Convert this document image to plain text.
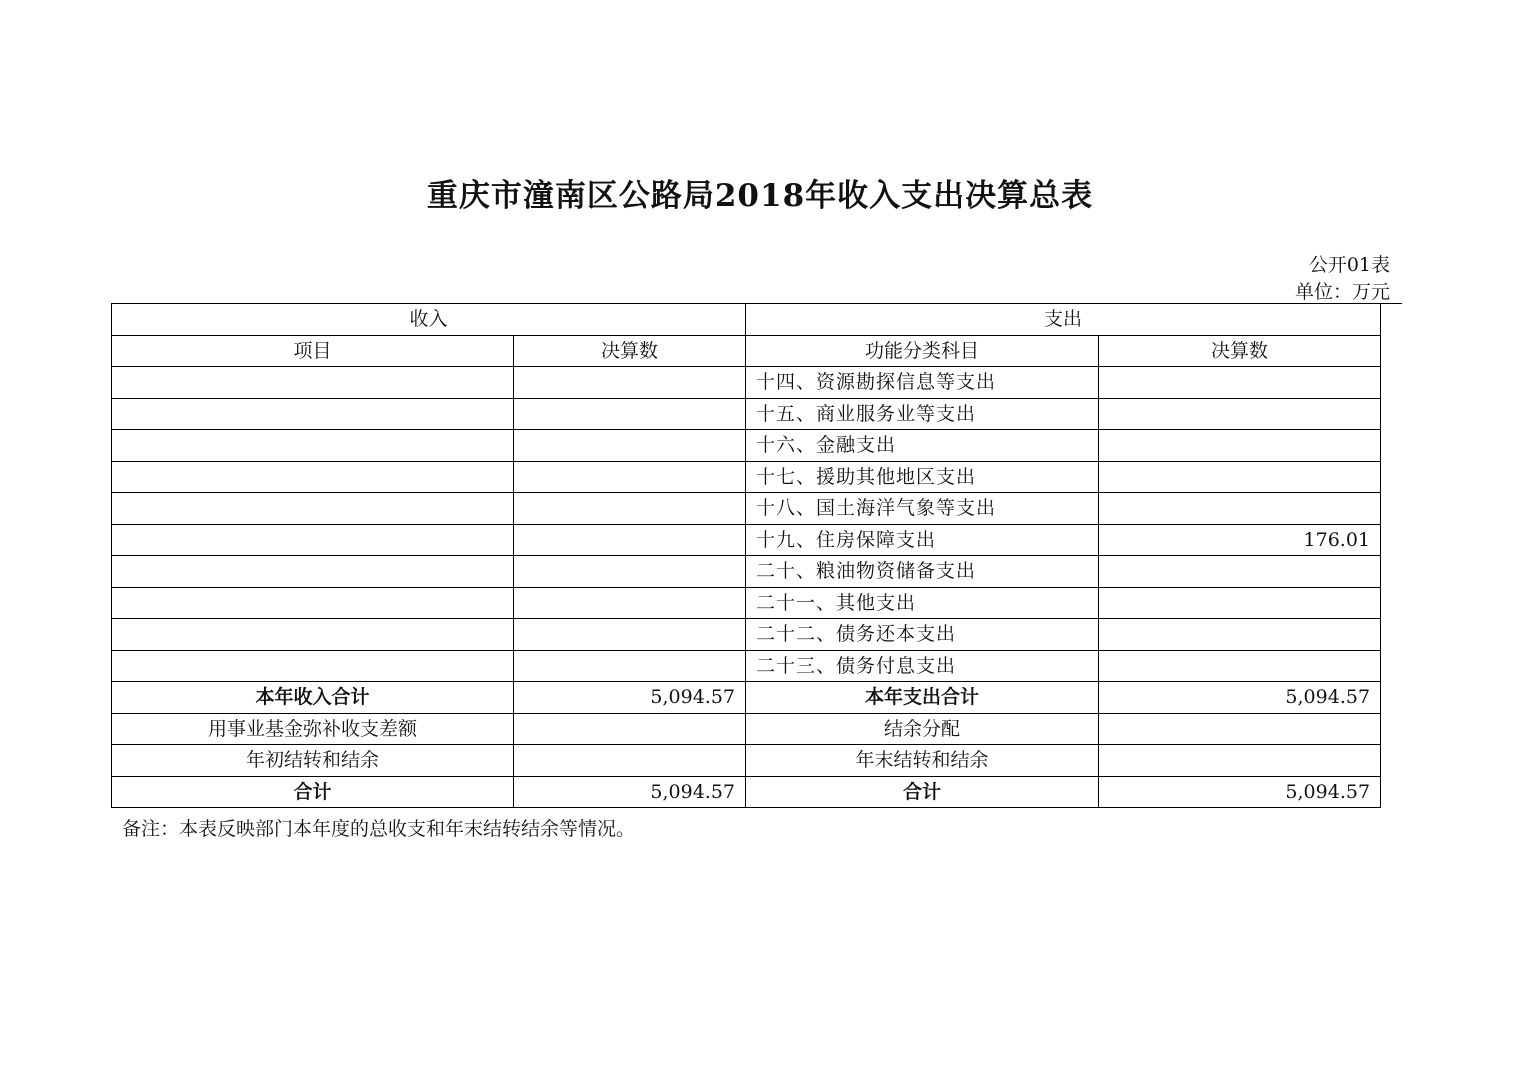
重庆市潼南区公路局2018年收入支出决算总表
公开01表
单位：万元
收入		支出	
项目	决算数	功能分类科目	决算数
		十四、资源勘探信息等支出	
		十五、商业服务业等支出	
		十六、金融支出	
		十七、援助其他地区支出	
		十八、国土海洋气象等支出	
		十九、住房保障支出	176.01
		二十、粮油物资储备支出	
		二十一、其他支出	
		二十二、债务还本支出	
		二十三、债务付息支出	
本年收入合计	5,094.57	本年支出合计	5,094.57
用事业基金弥补收支差额		结余分配	
年初结转和结余		年末结转和结余	
合计	5,094.57	合计	5,094.57
备注：本表反映部门本年度的总收支和年末结转结余等情况。
